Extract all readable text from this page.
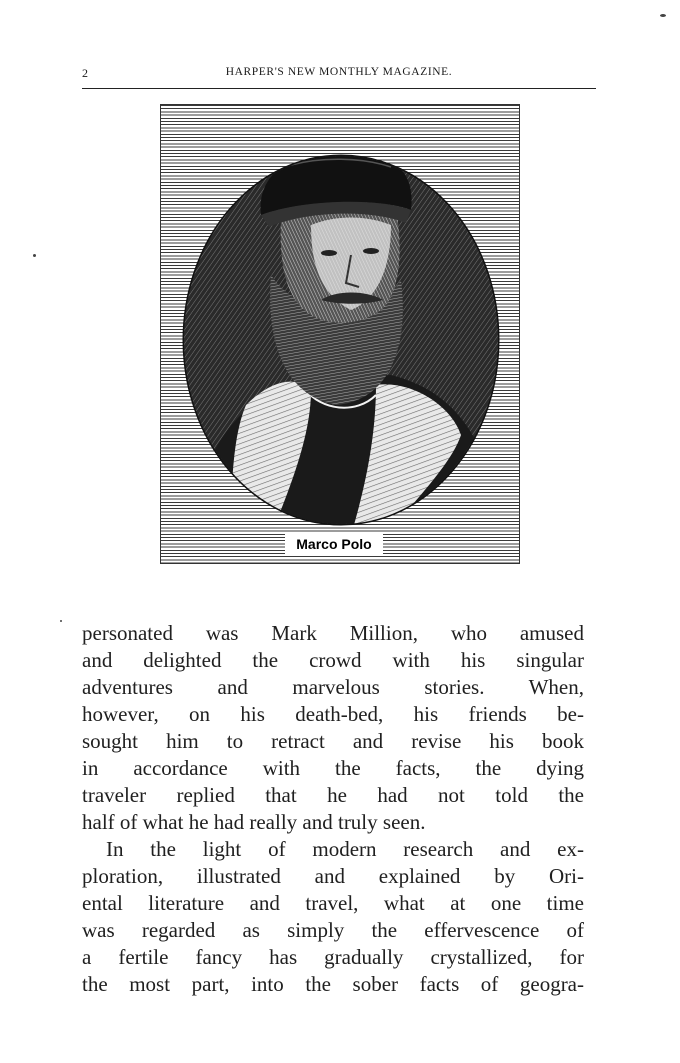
2	HARPER'S NEW MONTHLY MAGAZINE.
Marco Polo
personated was Mark Million, who amused
and delighted the crowd with his singular
adventures and marvelous stories. When,
however, on his death-bed, his friends be-
sought him to retract and revise his book
in accordance with the facts, the dying
traveler replied that he had not told the
half of what he had really and truly seen.
In the light of modern research and ex-
ploration, illustrated and explained by Ori-
ental literature and travel, what at one time
was regarded as simply the effervescence of
a fertile fancy has gradually crystallized, for
the most part, into the sober facts of geogra-
